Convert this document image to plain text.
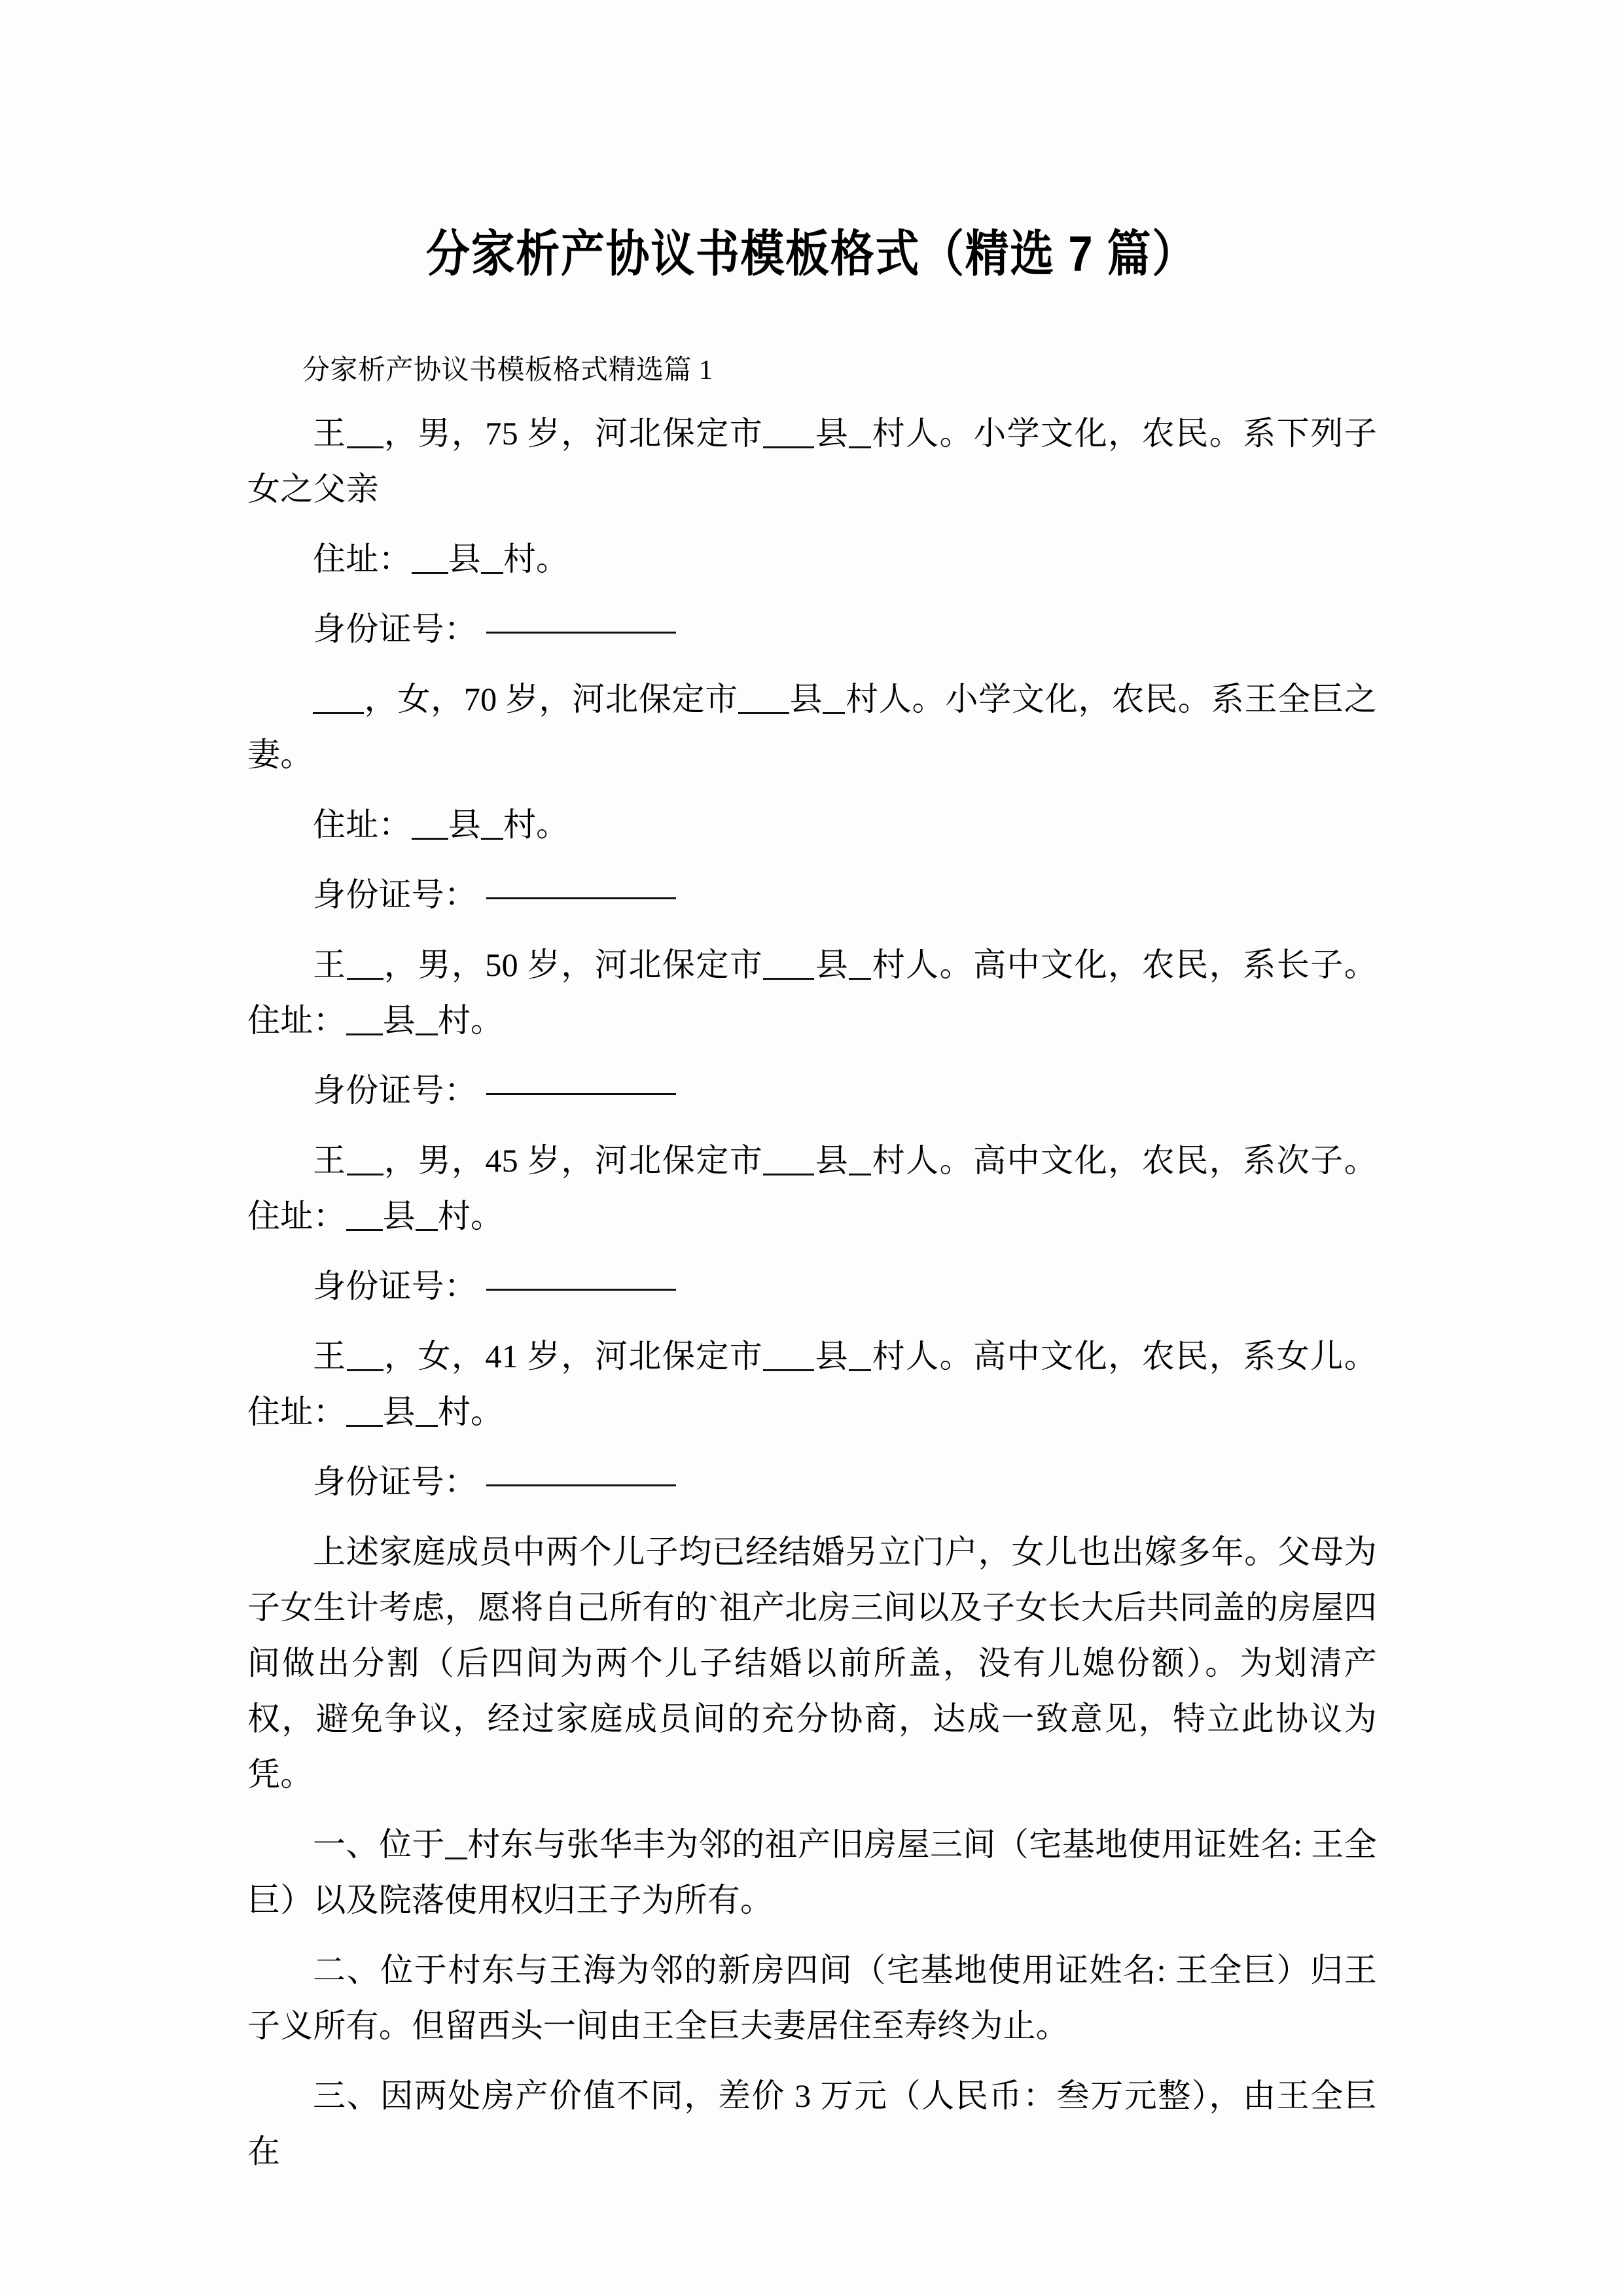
分家析产协议书模板格式（精选 7 篇）
分家析产协议书模板格式精选篇 1

王 ，男，75 岁，河北保定市 县 村人。小学文化，农民。系下列子女之父亲

住址： 县 村。

身份证号：

，女，70 岁，河北保定市 县 村人。小学文化，农民。系王全巨之妻。

住址： 县 村。

身份证号：

王 ，男，50 岁，河北保定市 县 村人。高中文化，农民，系长子。住址： 县 村。

身份证号：

王 ，男，45 岁，河北保定市 县 村人。高中文化，农民，系次子。住址： 县 村。

身份证号：

王 ，女，41 岁，河北保定市 县 村人。高中文化，农民，系女儿。住址： 县 村。

身份证号：

上述家庭成员中两个儿子均已经结婚另立门户，女儿也出嫁多年。父母为子女生计考虑，愿将自己所有的`祖产北房三间以及子女长大后共同盖的房屋四间做出分割（后四间为两个儿子结婚以前所盖，没有儿媳份额）。为划清产权，避免争议，经过家庭成员间的充分协商，达成一致意见，特立此协议为凭。

一、位于 村东与张华丰为邻的祖产旧房屋三间（宅基地使用证姓名: 王全巨）以及院落使用权归王子为所有。

二、位于村东与王海为邻的新房四间（宅基地使用证姓名: 王全巨）归王子义所有。但留西头一间由王全巨夫妻居住至寿终为止。

三、因两处房产价值不同，差价 3 万元（人民币：叁万元整），由王全巨在
